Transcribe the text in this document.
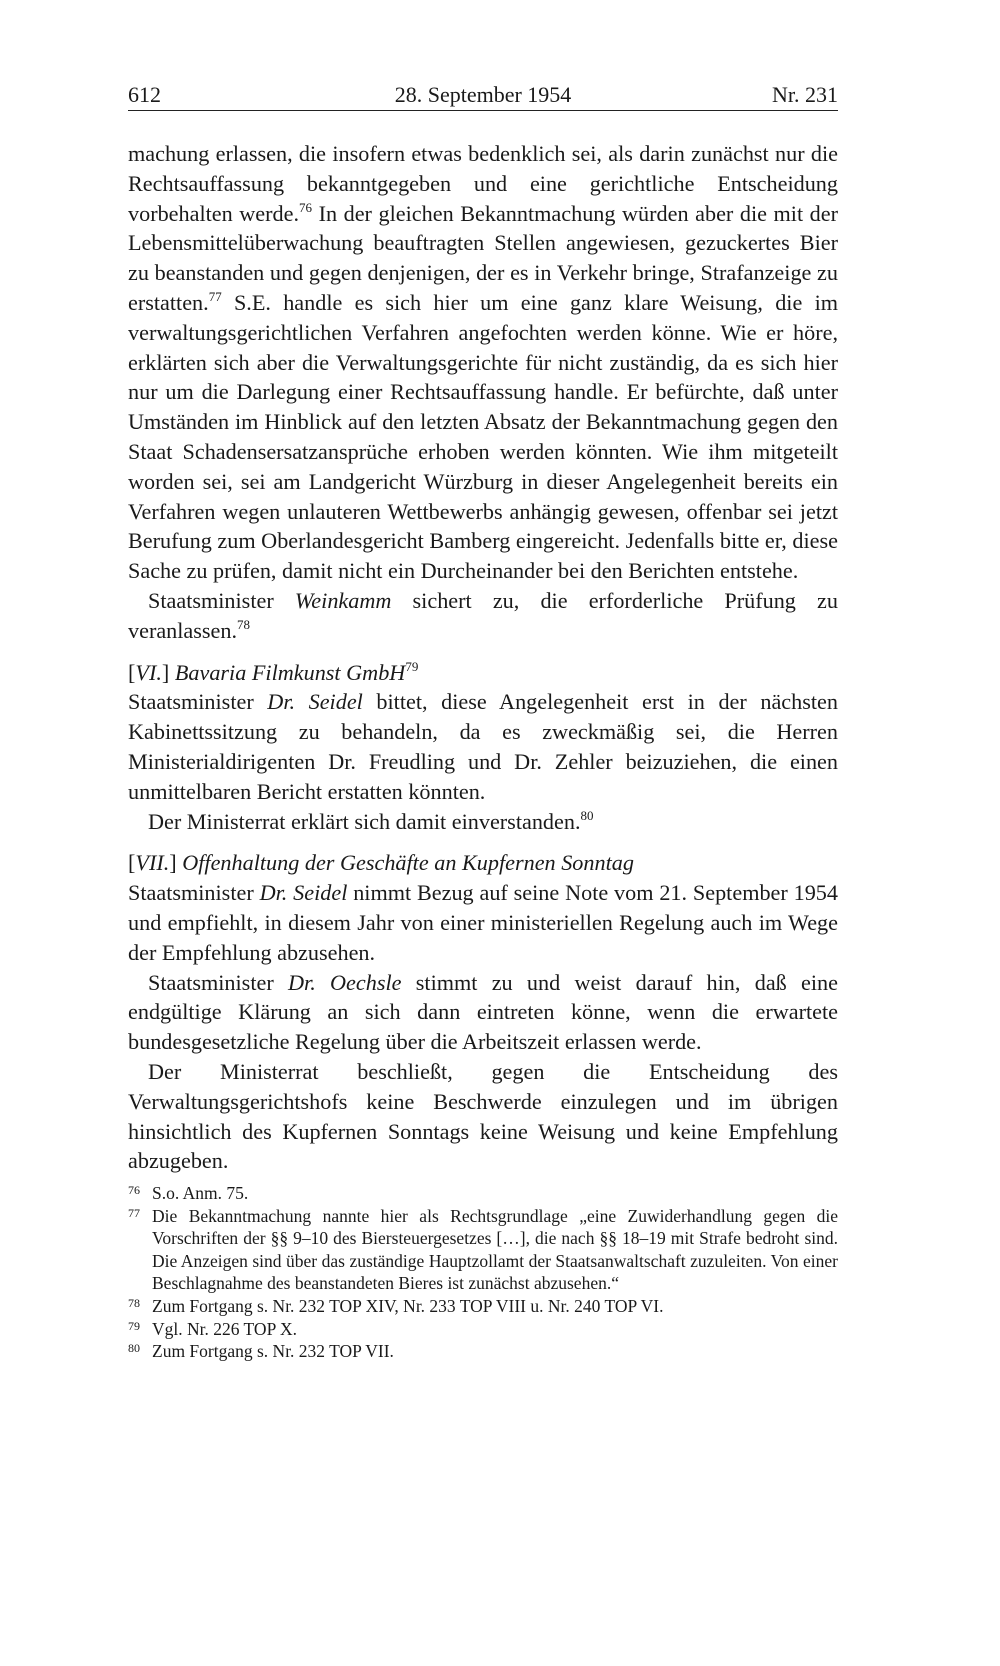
612	28. September 1954	Nr. 231

machung erlassen, die insofern etwas bedenklich sei, als darin zunächst nur die Rechtsauffassung bekanntgegeben und eine gerichtliche Entscheidung vorbehalten werde.$^{76}$ In der gleichen Bekanntmachung würden aber die mit der Lebensmittelüberwachung beauftragten Stellen angewiesen, gezuckertes Bier zu beanstanden und gegen denjenigen, der es in Verkehr bringe, Strafanzeige zu erstatten.$^{77}$ S.E. handle es sich hier um eine ganz klare Weisung, die im verwaltungsgerichtlichen Verfahren angefochten werden könne. Wie er höre, erklärten sich aber die Verwaltungsgerichte für nicht zuständig, da es sich hier nur um die Darlegung einer Rechtsauffassung handle. Er befürchte, daß unter Umständen im Hinblick auf den letzten Absatz der Bekanntmachung gegen den Staat Schadensersatzansprüche erhoben werden könnten. Wie ihm mitgeteilt worden sei, sei am Landgericht Würzburg in dieser Angelegenheit bereits ein Verfahren wegen unlauteren Wettbewerbs anhängig gewesen, offenbar sei jetzt Berufung zum Oberlandesgericht Bamberg eingereicht. Jedenfalls bitte er, diese Sache zu prüfen, damit nicht ein Durcheinander bei den Berichten entstehe.

Staatsminister Weinkamm sichert zu, die erforderliche Prüfung zu veranlassen.$^{78}$

[VI.] Bavaria Filmkunst GmbH$^{79}$

Staatsminister Dr. Seidel bittet, diese Angelegenheit erst in der nächsten Kabinettssitzung zu behandeln, da es zweckmäßig sei, die Herren Ministerialdirigenten Dr. Freudling und Dr. Zehler beizuziehen, die einen unmittelbaren Bericht erstatten könnten.

Der Ministerrat erklärt sich damit einverstanden.$^{80}$

[VII.] Offenhaltung der Geschäfte an Kupfernen Sonntag

Staatsminister Dr. Seidel nimmt Bezug auf seine Note vom 21. September 1954 und empfiehlt, in diesem Jahr von einer ministeriellen Regelung auch im Wege der Empfehlung abzusehen.

Staatsminister Dr. Oechsle stimmt zu und weist darauf hin, daß eine endgültige Klärung an sich dann eintreten könne, wenn die erwartete bundesgesetzliche Regelung über die Arbeitszeit erlassen werde.

Der Ministerrat beschließt, gegen die Entscheidung des Verwaltungsgerichtshofs keine Beschwerde einzulegen und im übrigen hinsichtlich des Kupfernen Sonntags keine Weisung und keine Empfehlung abzugeben.

76 S.o. Anm. 75.

77 Die Bekanntmachung nannte hier als Rechtsgrundlage „eine Zuwiderhandlung gegen die Vorschriften der §§ 9–10 des Biersteuergesetzes […], die nach §§ 18–19 mit Strafe bedroht sind. Die Anzeigen sind über das zuständige Hauptzollamt der Staatsanwaltschaft zuzuleiten. Von einer Beschlagnahme des beanstandeten Bieres ist zunächst abzusehen.“

78 Zum Fortgang s. Nr. 232 TOP XIV, Nr. 233 TOP VIII u. Nr. 240 TOP VI.

79 Vgl. Nr. 226 TOP X.

80 Zum Fortgang s. Nr. 232 TOP VII.
